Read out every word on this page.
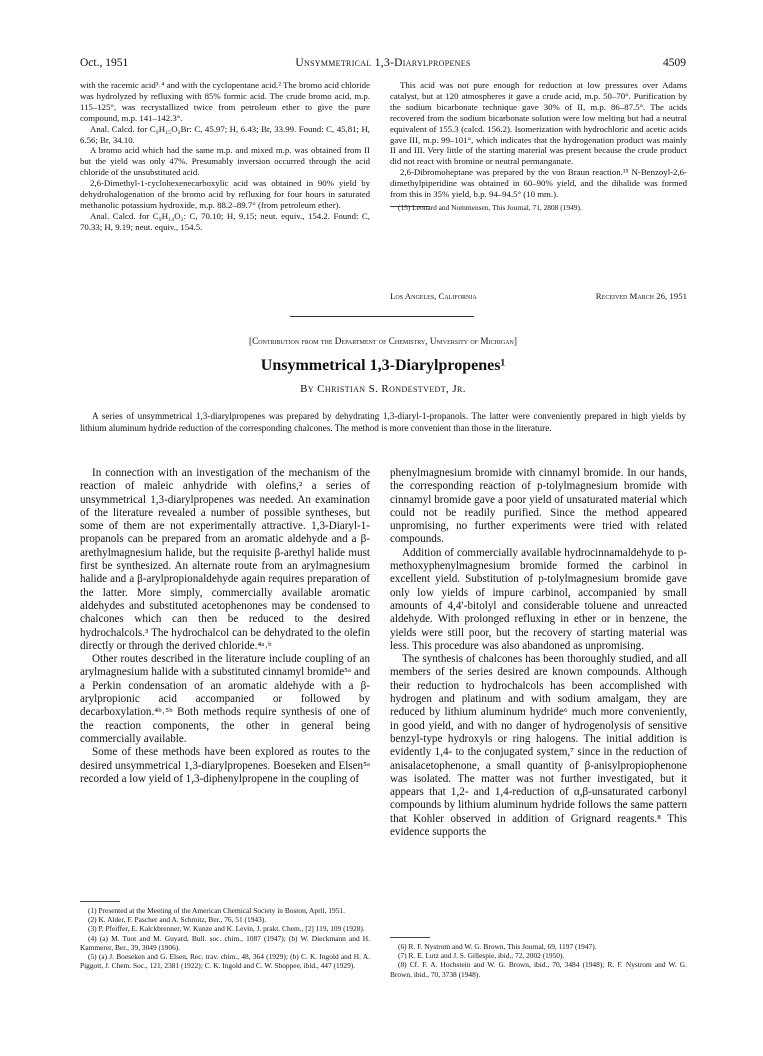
Oct., 1951	Unsymmetrical 1,3-Diarylpropenes	4509

with the racemic acid³˒⁴ and with the cyclopentane acid.² The bromo acid chloride was hydrolyzed by refluxing with 85% formic acid. The crude bromo acid, m.p. 115–125°, was recrystallized twice from petroleum ether to give the pure compound, m.p. 141–142.3°.

Anal. Calcd. for C₉H₁₅O₂Br: C, 45.97; H, 6.43; Br, 33.99. Found: C, 45.81; H, 6.56; Br, 34.10.

A bromo acid which had the same m.p. and mixed m.p. was obtained from II but the yield was only 47%. Presumably inversion occurred through the acid chloride of the unsubstituted acid.

2,6-Dimethyl-1-cyclohexenecarboxylic acid was obtained in 90% yield by dehydrohalogenation of the bromo acid by refluxing for four hours in saturated methanolic potassium hydroxide, m.p. 88.2–89.7° (from petroleum ether).

Anal. Calcd. for C₉H₁₄O₂: C, 70.10; H, 9.15; neut. equiv., 154.2. Found: C, 70.33; H, 9.19; neut. equiv., 154.5.

This acid was not pure enough for reduction at low pressures over Adams catalyst, but at 120 atmospheres it gave a crude acid, m.p. 50–70°. Purification by the sodium bicarbonate technique gave 30% of II, m.p. 86–87.5°. The acids recovered from the sodium bicarbonate solution were low melting but had a neutral equivalent of 155.3 (calcd. 156.2). Isomerization with hydrochloric and acetic acids gave III, m.p. 99–101°, which indicates that the hydrogenation product was mainly II and III. Very little of the starting material was present because the crude product did not react with bromine or neutral permanganate.

2,6-Dibromoheptane was prepared by the von Braun reaction.¹⁵ N-Benzoyl-2,6-dimethylpiperidine was obtained in 60–90% yield, and the dihalide was formed from this in 35% yield, b.p. 94–94.5° (10 mm.).

(15) Leonard and Nommensen, This Journal, 71, 2808 (1949).

Los Angeles, California	Received March 26, 1951
[Contribution from the Department of Chemistry, University of Michigan]
Unsymmetrical 1,3-Diarylpropenes¹
By Christian S. Rondestvedt, Jr.
A series of unsymmetrical 1,3-diarylpropenes was prepared by dehydrating 1,3-diaryl-1-propanols. The latter were conveniently prepared in high yields by lithium aluminum hydride reduction of the corresponding chalcones. The method is more convenient than those in the literature.

In connection with an investigation of the mechanism of the reaction of maleic anhydride with olefins,² a series of unsymmetrical 1,3-diarylpropenes was needed. An examination of the literature revealed a number of possible syntheses, but some of them are not experimentally attractive. 1,3-Diaryl-1-propanols can be prepared from an aromatic aldehyde and a β-arethylmagnesium halide, but the requisite β-arethyl halide must first be synthesized. An alternate route from an arylmagnesium halide and a β-arylpropionaldehyde again requires preparation of the latter. More simply, commercially available aromatic aldehydes and substituted acetophenones may be condensed to chalcones which can then be reduced to the desired hydrochalcols.³ The hydrochalcol can be dehydrated to the olefin directly or through the derived chloride.⁴ᵃ˒ᵇ

Other routes described in the literature include coupling of an arylmagnesium halide with a substituted cinnamyl bromide⁵ᵃ and a Perkin condensation of an aromatic aldehyde with a β-arylpropionic acid accompanied or followed by decarboxylation.⁴ᵇ˒⁵ᵇ Both methods require synthesis of one of the reaction components, the other in general being commercially available.

Some of these methods have been explored as routes to the desired unsymmetrical 1,3-diarylpropenes. Boeseken and Elsen⁵ᵃ recorded a low yield of 1,3-diphenylpropene in the coupling of

phenylmagnesium bromide with cinnamyl bromide. In our hands, the corresponding reaction of p-tolylmagnesium bromide with cinnamyl bromide gave a poor yield of unsaturated material which could not be readily purified. Since the method appeared unpromising, no further experiments were tried with related compounds.

Addition of commercially available hydrocinnamaldehyde to p-methoxyphenylmagnesium bromide formed the carbinol in excellent yield. Substitution of p-tolylmagnesium bromide gave only low yields of impure carbinol, accompanied by small amounts of 4,4′-bitolyl and considerable toluene and unreacted aldehyde. With prolonged refluxing in ether or in benzene, the yields were still poor, but the recovery of starting material was less. This procedure was also abandoned as unpromising.

The synthesis of chalcones has been thoroughly studied, and all members of the series desired are known compounds. Although their reduction to hydrochalcols has been accomplished with hydrogen and platinum and with sodium amalgam, they are reduced by lithium aluminum hydride⁶ much more conveniently, in good yield, and with no danger of hydrogenolysis of sensitive benzyl-type hydroxyls or ring halogens. The initial addition is evidently 1,4- to the conjugated system,⁷ since in the reduction of anisalacetophenone, a small quantity of β-anisylpropiophenone was isolated. The matter was not further investigated, but it appears that 1,2- and 1,4-reduction of α,β-unsaturated carbonyl compounds by lithium aluminum hydride follows the same pattern that Kohler observed in addition of Grignard reagents.⁸ This evidence supports the

(1) Presented at the Meeting of the American Chemical Society in Boston, April, 1951.

(2) K. Alder, F. Pascher and A. Schmitz, Ber., 76, 51 (1943).

(3) P. Pfeiffer, E. Kalckbrenner, W. Kunze and K. Levin, J. prakt. Chem., [2] 119, 109 (1928).

(4) (a) M. Tuot and M. Guyard, Bull. soc. chim., 1087 (1947); (b) W. Dieckmann and H. Kammerer, Ber., 39, 3049 (1906).

(5) (a) J. Boeseken and G. Elsen, Rec. trav. chim., 48, 364 (1929); (b) C. K. Ingold and H. A. Piggott, J. Chem. Soc., 121, 2381 (1922); C. K. Ingold and C. W. Shoppee, ibid., 447 (1929).

(6) R. F. Nystrom and W. G. Brown, This Journal, 69, 1197 (1947).

(7) R. E. Lutz and J. S. Gillespie, ibid., 72, 2002 (1950).

(8) Cf. F. A. Hochstein and W. G. Brown, ibid., 70, 3484 (1948); R. F. Nystrom and W. G. Brown, ibid., 70, 3738 (1948).
